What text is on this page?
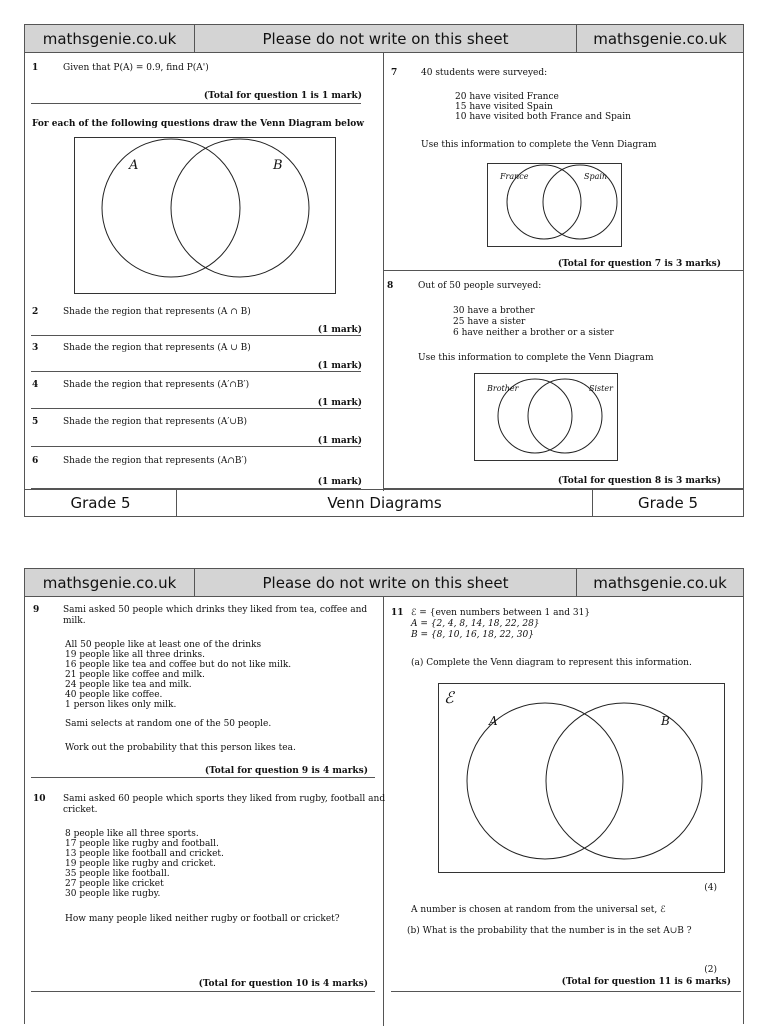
mathsgenie.co.uk	Please do not write on this sheet	mathsgenie.co.uk
1	Given that P(A) = 0.9, find P(A')
(Total for question 1 is 1 mark)
For each of the following questions draw the Venn Diagram below
A	B
2	Shade the region that represents (A ∩ B)
(1 mark)
3	Shade the region that represents (A ∪ B)
(1 mark)
4	Shade the region that represents (A′∩B′)
(1 mark)
5	Shade the region that represents (A′∪B)
(1 mark)
6	Shade the region that represents (A∩B′)
(1 mark)
7	40 students were surveyed:
20 have visited France
15 have visited Spain
10 have visited both France and Spain
Use this information to complete the Venn Diagram
France	Spain
(Total for question 7 is 3 marks)
8	Out of 50 people surveyed:
30 have a brother
25 have a sister
6 have neither a brother or a sister
Use this information to complete the Venn Diagram
Brother	Sister
(Total for question 8 is 3 marks)
Grade 5	Venn Diagrams	Grade 5
mathsgenie.co.uk	Please do not write on this sheet	mathsgenie.co.uk
9	Sami asked 50 people which drinks they liked from tea, coffee and
milk.
All 50 people like at least one of the drinks
19 people like all three drinks.
16 people like tea and coffee but do not like milk.
21 people like coffee and milk.
24 people like tea and milk.
40 people like coffee.
1 person likes only milk.
Sami selects at random one of the 50 people.
Work out the probability that this person likes tea.
(Total for question 9 is 4 marks)
10 Sami asked 60 people which sports they liked from rugby, football and
cricket.
8 people like all three sports.
17 people like rugby and football.
13 people like football and cricket.
19 people like rugby and cricket.
35 people like football.
27 people like cricket
30 people like rugby.
How many people liked neither rugby or football or cricket?
(Total for question 10 is 4 marks)
11 ℰ = {even numbers between 1 and 31}
A = {2, 4, 8, 14, 18, 22, 28}
B = {8, 10, 16, 18, 22, 30}
(a) Complete the Venn diagram to represent this information.
ℰ
A	B
(4)
A number is chosen at random from the universal set, ℰ
(b) What is the probability that the number is in the set A∪B ?
(2)
(Total for question 11 is 6 marks)
